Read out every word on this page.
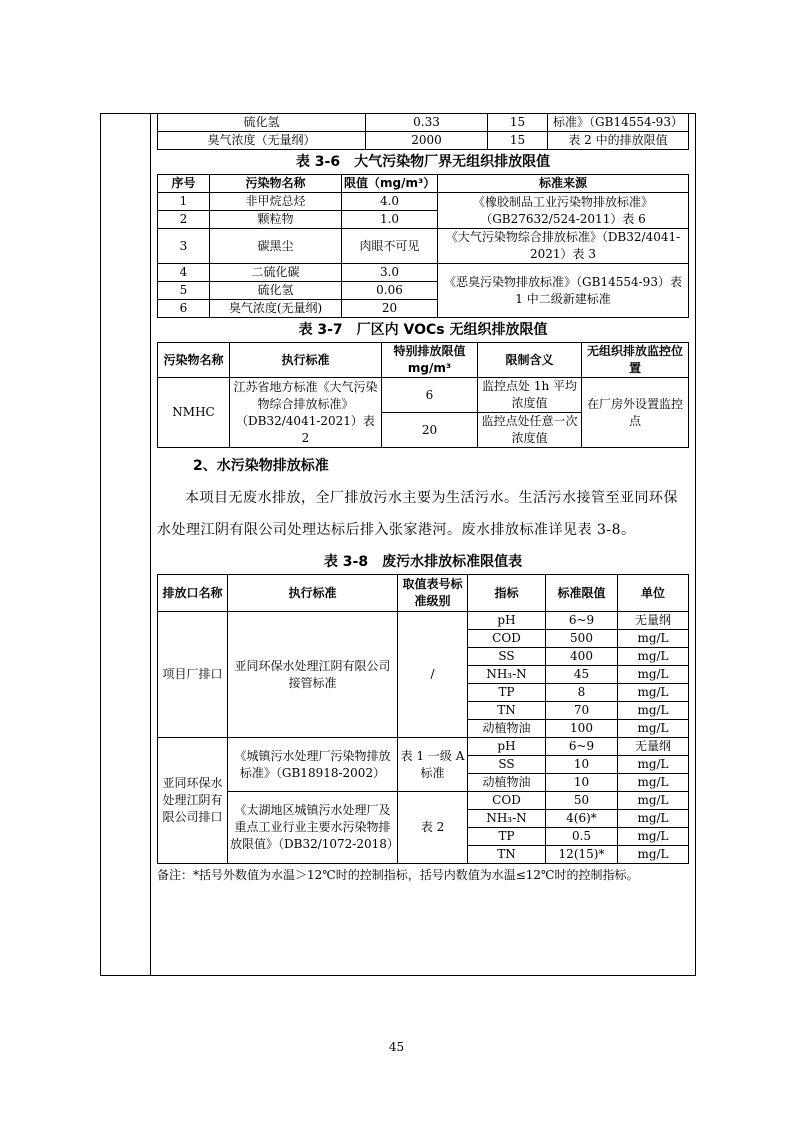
硫化氢	0.33	15	标准》（GB14554-93）
臭气浓度（无量纲）	2000	15	表 2 中的排放限值
表 3-6　大气污染物厂界无组织排放限值
序号	污染物名称	限值（mg/m³）	标准来源
1	非甲烷总烃	4.0	《橡胶制品工业污染物排放标准》（GB27632/524-2011）表 6
2	颗粒物	1.0	
3	碳黑尘	肉眼不可见	《大气污染物综合排放标准》（DB32/4041-2021）表 3
4	二硫化碳	3.0	《恶臭污染物排放标准》（GB14554-93）表 1 中二级新建标准
5	硫化氢	0.06	
6	臭气浓度(无量纲)	20	
表 3-7　厂区内 VOCs 无组织排放限值
污染物名称	执行标准	特别排放限值 mg/m³	限制含义	无组织排放监控位置
NMHC	江苏省地方标准《大气污染物综合排放标准》（DB32/4041-2021）表 2	6	监控点处 1h 平均浓度值	在厂房外设置监控点
		20	监控点处任意一次浓度值	
2、水污染物排放标准

本项目无废水排放，全厂排放污水主要为生活污水。生活污水接管至亚同环保水处理江阴有限公司处理达标后排入张家港河。废水排放标准详见表 3-8。

表 3-8　废污水排放标准限值表
排放口名称	执行标准	取值表号标准级别	指标	标准限值	单位
项目厂排口	亚同环保水处理江阴有限公司接管标准	/	pH	6~9	无量纲
			COD	500	mg/L
			SS	400	mg/L
			NH₃-N	45	mg/L
			TP	8	mg/L
			TN	70	mg/L
			动植物油	100	mg/L
亚同环保水处理江阴有限公司排口	《城镇污水处理厂污染物排放标准》（GB18918-2002）	表 1 一级 A 标准	pH	6~9	无量纲
			SS	10	mg/L
			动植物油	10	mg/L
	《太湖地区城镇污水处理厂及重点工业行业主要水污染物排放限值》（DB32/1072-2018）	表 2	COD	50	mg/L
			NH₃-N	4(6)*	mg/L
			TP	0.5	mg/L
			TN	12(15)*	mg/L
备注：*括号外数值为水温＞12℃时的控制指标，括号内数值为水温≤12℃时的控制指标。
45
